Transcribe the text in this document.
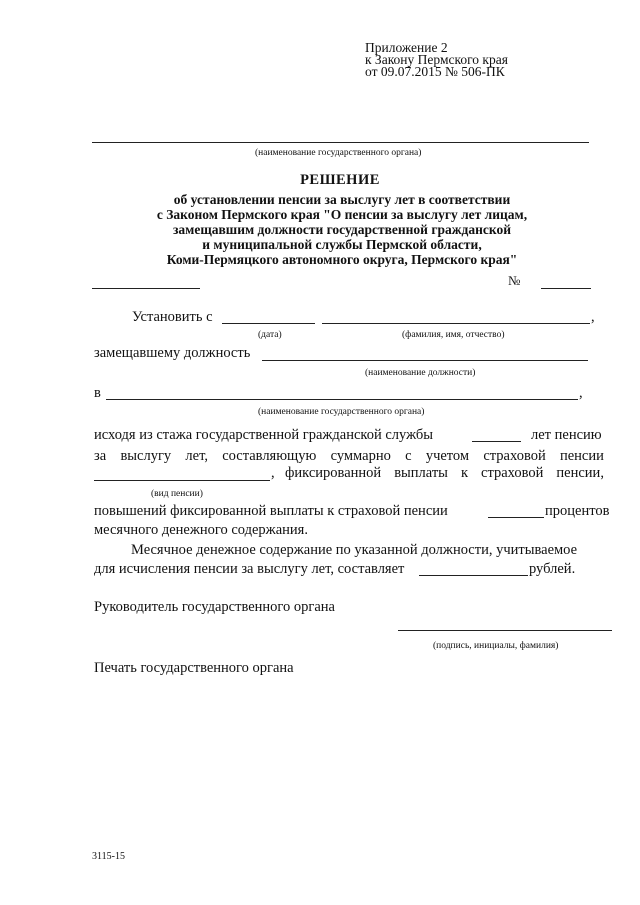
Приложение 2
к Закону Пермского края
от 09.07.2015 № 506-ПК
(наименование государственного органа)
РЕШЕНИЕ
об установлении пенсии за выслугу лет в соответствии
с Законом Пермского края "О пенсии за выслугу лет лицам,
замещавшим должности государственной гражданской
и муниципальной службы Пермской области,
Коми-Пермяцкого автономного округа, Пермского края"
№
Установить с	,
(дата)	(фамилия, имя, отчество)
замещавшему должность
(наименование должности)
в	,
(наименование государственного органа)
исходя из стажа государственной гражданской службы	лет пенсию
за выслугу лет, составляющую суммарно с учетом страховой пенсии
, фиксированной выплаты к страховой пенсии,
(вид пенсии)
повышений фиксированной выплаты к страховой пенсии	процентов
месячного денежного содержания.
Месячное денежное содержание по указанной должности, учитываемое
для исчисления пенсии за выслугу лет, составляет	рублей.
Руководитель государственного органа
(подпись, инициалы, фамилия)
Печать государственного органа
3115-15
